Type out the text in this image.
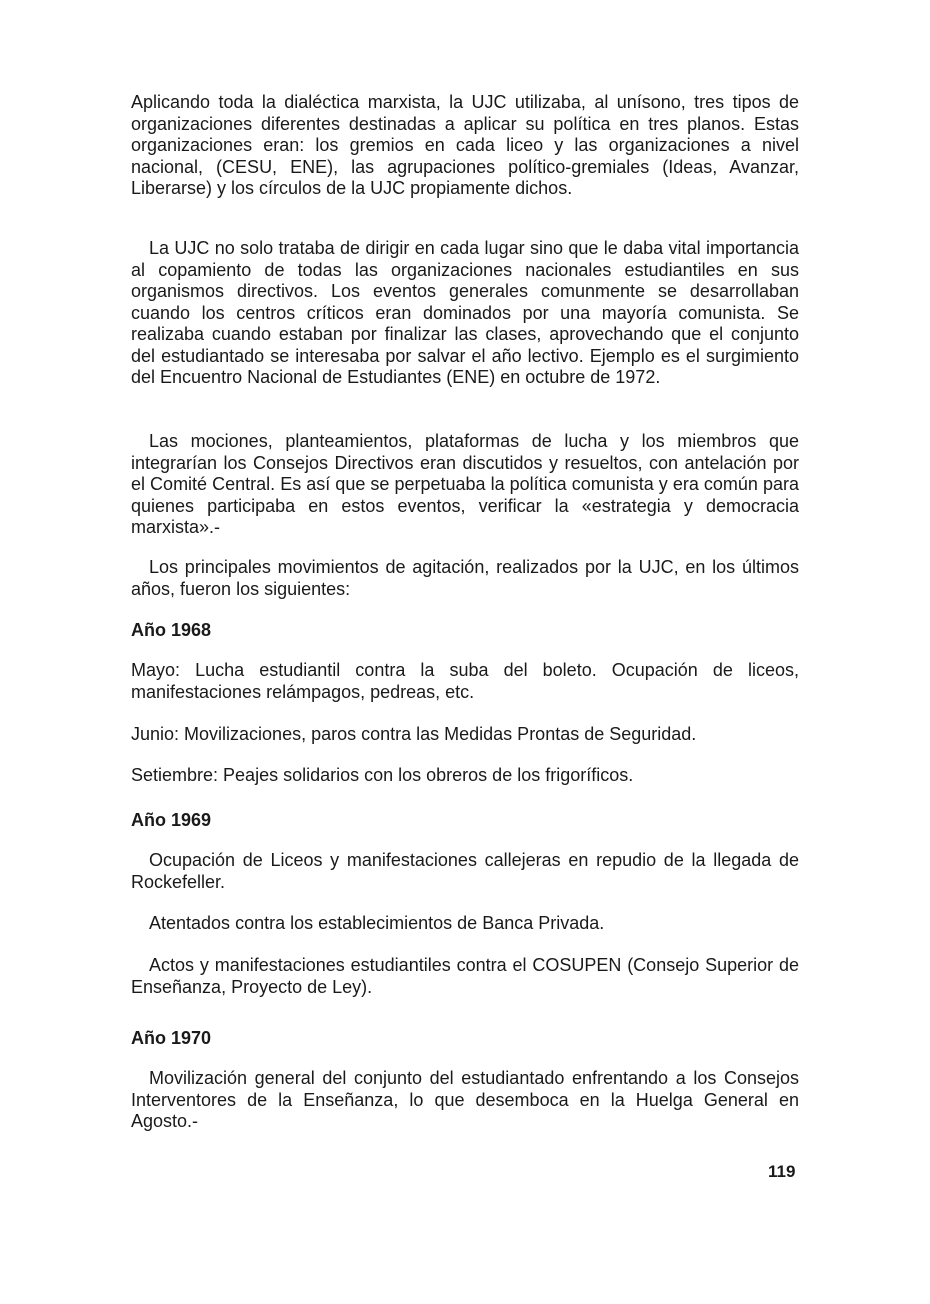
Aplicando toda la dialéctica marxista, la UJC utilizaba, al unísono, tres tipos de organizaciones diferentes destinadas a aplicar su política en tres planos. Estas organizaciones eran: los gremios en cada liceo y las organizaciones a nivel nacional, (CESU, ENE), las agrupaciones político-gremiales (Ideas, Avanzar, Liberarse) y los círculos de la UJC propiamente dichos.

La UJC no solo trataba de dirigir en cada lugar sino que le daba vital importancia al copamiento de todas las organizaciones nacionales estudiantiles en sus organismos directivos. Los eventos generales comunmente se desarrollaban cuando los centros críticos eran dominados por una mayoría comunista. Se realizaba cuando estaban por finalizar las clases, aprovechando que el conjunto del estudiantado se interesaba por salvar el año lectivo. Ejemplo es el surgimiento del Encuentro Nacional de Estudiantes (ENE) en octubre de 1972.

Las mociones, planteamientos, plataformas de lucha y los miembros que integrarían los Consejos Directivos eran discutidos y resueltos, con antelación por el Comité Central. Es así que se perpetuaba la política comunista y era común para quienes participaba en estos eventos, verificar la «estrategia y democracia marxista».-

Los principales movimientos de agitación, realizados por la UJC, en los últimos años, fueron los siguientes:

Año 1968

Mayo: Lucha estudiantil contra la suba del boleto. Ocupación de liceos, manifestaciones relámpagos, pedreas, etc.

Junio: Movilizaciones, paros contra las Medidas Prontas de Seguridad.

Setiembre: Peajes solidarios con los obreros de los frigoríficos.

Año 1969

Ocupación de Liceos y manifestaciones callejeras en repudio de la llegada de Rockefeller.

Atentados contra los establecimientos de Banca Privada.

Actos y manifestaciones estudiantiles contra el COSUPEN (Consejo Superior de Enseñanza, Proyecto de Ley).

Año 1970

Movilización general del conjunto del estudiantado enfrentando a los Consejos Interventores de la Enseñanza, lo que desemboca en la Huelga General en Agosto.-

119
